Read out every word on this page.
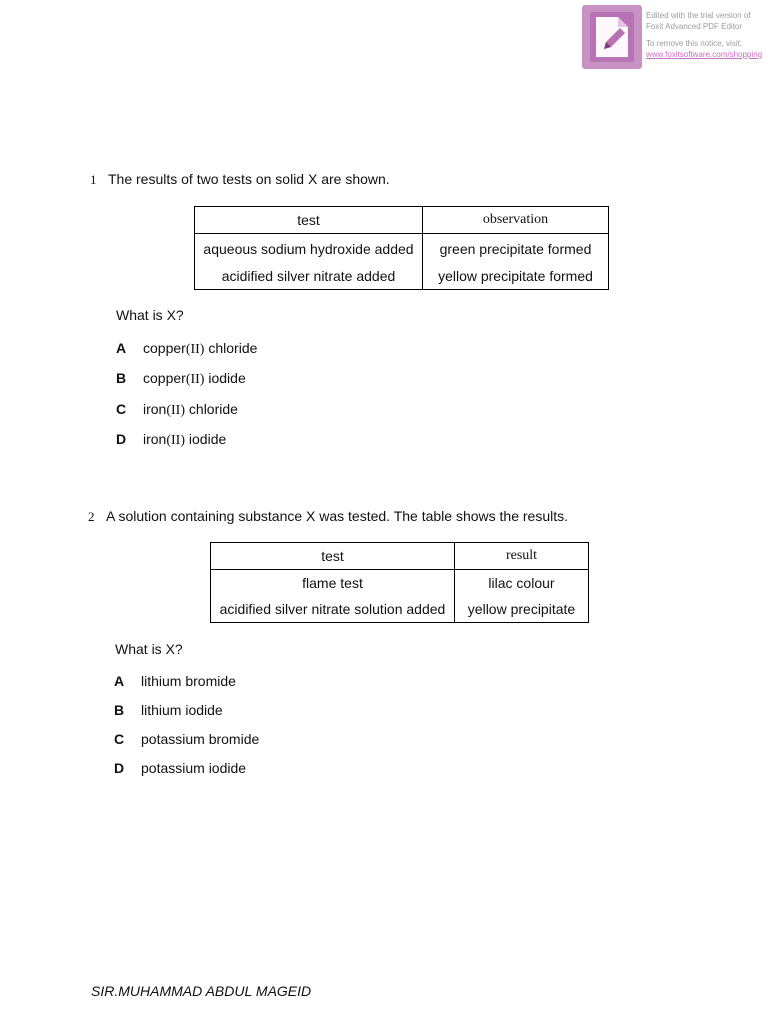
Edited with the trial version of
Foxit Advanced PDF Editor
To remove this notice, visit:
www.foxitsoftware.com/shopping
1 The results of two tests on solid X are shown.
test	observation
aqueous sodium hydroxide added	green precipitate formed
acidified silver nitrate added	yellow precipitate formed
What is X?
A copper(II) chloride
B copper(II) iodide
C iron(II) chloride
D iron(II) iodide
2 A solution containing substance X was tested. The table shows the results.
test	result
flame test	lilac colour
acidified silver nitrate solution added	yellow precipitate
What is X?
A lithium bromide
B lithium iodide
C potassium bromide
D potassium iodide
SIR.MUHAMMAD ABDUL MAGEID
